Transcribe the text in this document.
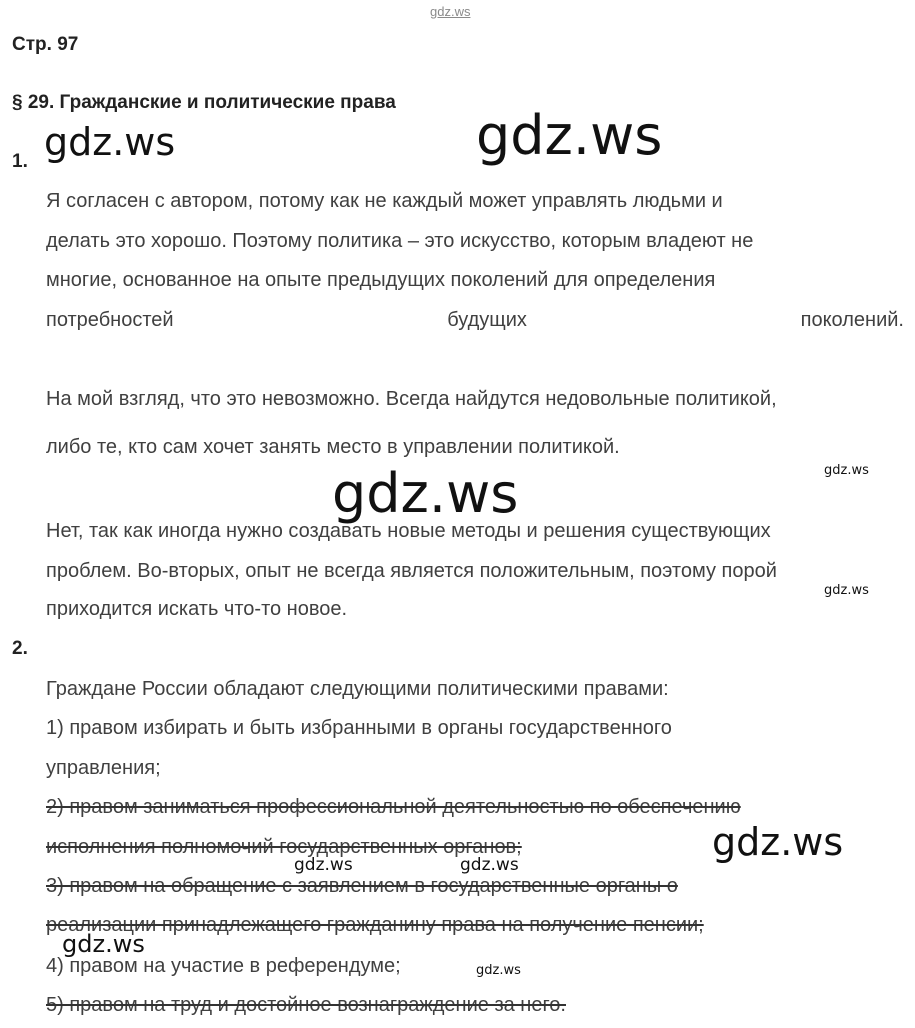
gdz.ws
Стр. 97
§ 29. Гражданские и политические права
1.
Я согласен с автором, потому как не каждый может управлять людьми и
делать это хорошо. Поэтому политика – это искусство, которым владеют не
многие, основанное на опыте предыдущих поколений для определения
потребностей	будущих	поколений.
На мой взгляд, что это невозможно. Всегда найдутся недовольные политикой,
либо те, кто сам хочет занять место в управлении политикой.
Нет, так как иногда нужно создавать новые методы и решения существующих
проблем. Во-вторых, опыт не всегда является положительным, поэтому порой
приходится искать что-то новое.
2.
Граждане России обладают следующими политическими правами:
1) правом избирать и быть избранными в органы государственного
управления;
2) правом заниматься профессиональной деятельностью по обеспечению
исполнения полномочий государственных органов;
3) правом на обращение с заявлением в государственные органы о
реализации принадлежащего гражданину права на получение пенсии;
4) правом на участие в референдуме;
5) правом на труд и достойное вознаграждение за него.
gdz.ws
gdz.ws
gdz.ws	gdz.ws
gdz.ws
gdz.ws
gdz.ws	gdz.ws
gdz.ws
gdz.ws
